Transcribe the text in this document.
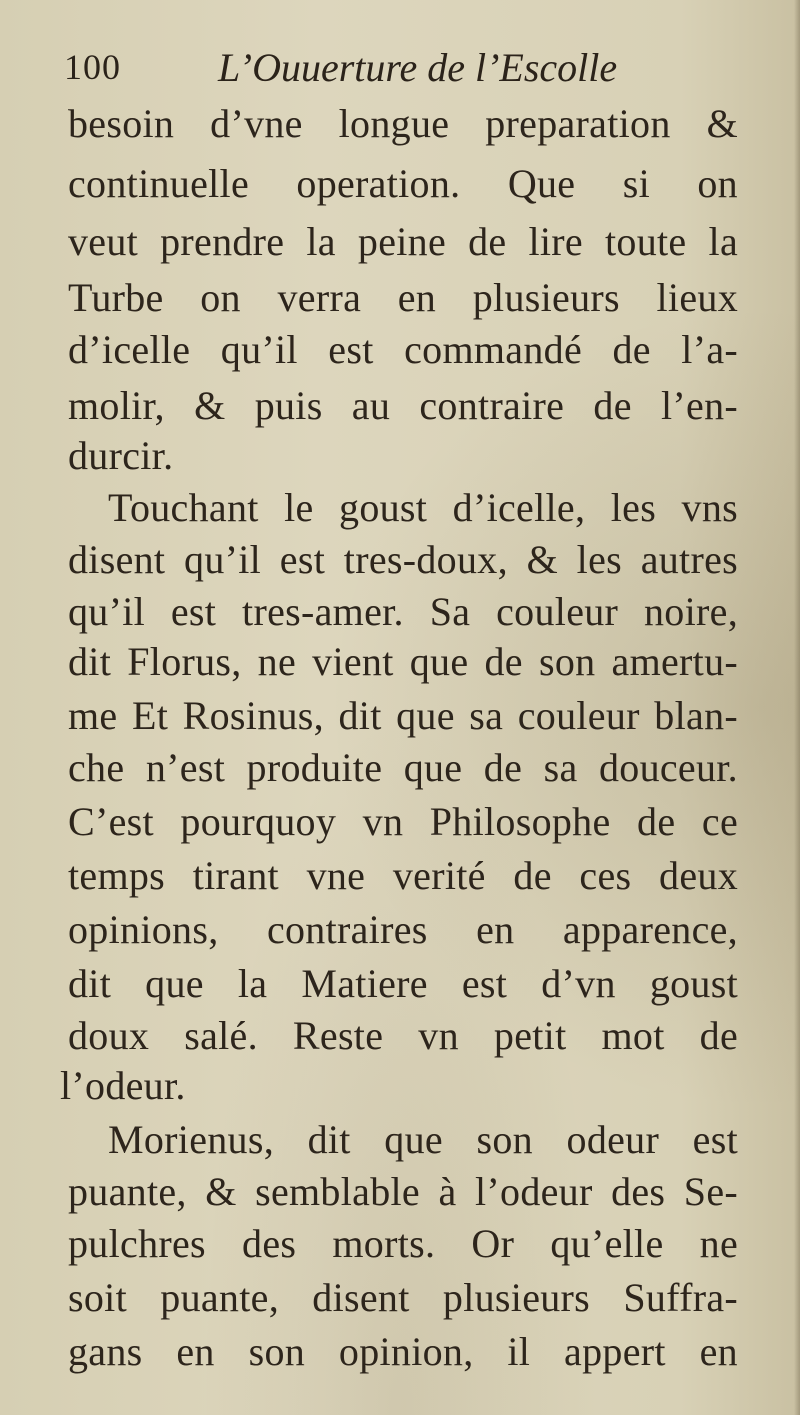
100 L’Ouuerture de l’Escolle
besoin d’vne longue preparation &
continuelle operation. Que si on
veut prendre la peine de lire toute la
Turbe on verra en plusieurs lieux
d’icelle qu’il est commandé de l’a-
molir, & puis au contraire de l’en-
durcir.
Touchant le goust d’icelle, les vns
disent qu’il est tres-doux, & les autres
qu’il est tres-amer. Sa couleur noire,
dit Florus, ne vient que de son amertu-
me Et Rosinus, dit que sa couleur blan-
che n’est produite que de sa douceur.
C’est pourquoy vn Philosophe de ce
temps tirant vne verité de ces deux
opinions, contraires en apparence,
dit que la Matiere est d’vn goust
doux salé. Reste vn petit mot de
l’odeur.
Morienus, dit que son odeur est
puante, & semblable à l’odeur des Se-
pulchres des morts. Or qu’elle ne
soit puante, disent plusieurs Suffra-
gans en son opinion, il appert en
